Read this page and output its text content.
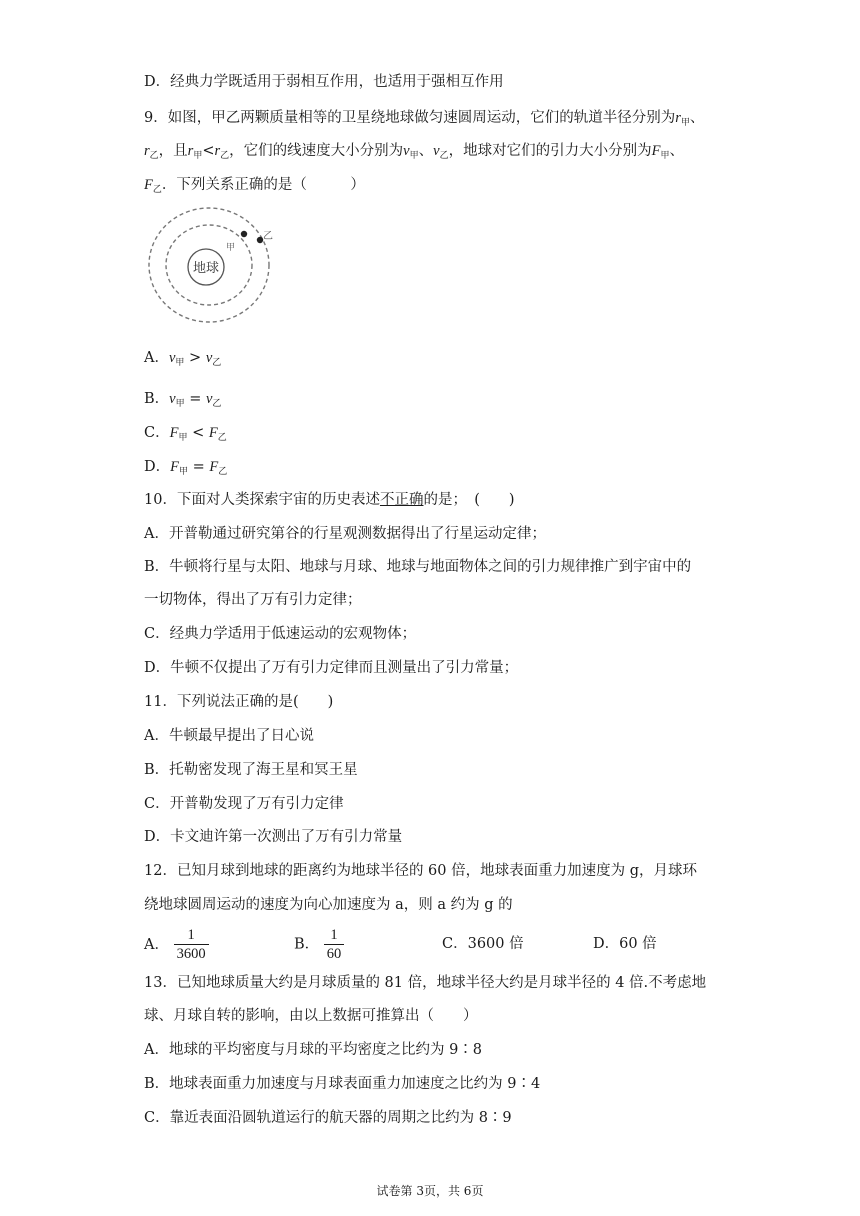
D．经典力学既适用于弱相互作用，也适用于强相互作用
9．如图，甲乙两颗质量相等的卫星绕地球做匀速圆周运动，它们的轨道半径分别为$r_甲$、
$r_乙$，且$r_甲<r_乙$，它们的线速度大小分别为$v_甲$、$v_乙$，地球对它们的引力大小分别为$F_甲$、
$F_乙$．下列关系正确的是（　　　）
地球
甲
乙
A．$v_甲 > v_乙$
B．$v_甲 = v_乙$
C．$F_甲 < F_乙$
D．$F_甲 = F_乙$
10．下面对人类探索宇宙的历史表述不正确的是；　(　　)
A．开普勒通过研究第谷的行星观测数据得出了行星运动定律；
B．牛顿将行星与太阳、地球与月球、地球与地面物体之间的引力规律推广到宇宙中的
一切物体，得出了万有引力定律；
C．经典力学适用于低速运动的宏观物体；
D．牛顿不仅提出了万有引力定律而且测量出了引力常量；
11．下列说法正确的是(　　)
A．牛顿最早提出了日心说
B．托勒密发现了海王星和冥王星
C．开普勒发现了万有引力定律
D．卡文迪许第一次测出了万有引力常量
12．已知月球到地球的距离约为地球半径的 60 倍，地球表面重力加速度为 g，月球环
绕地球圆周运动的速度为向心加速度为 a，则 a 约为 g 的
A． $\frac{1}{3600}$	B． $\frac{1}{60}$	C．3600 倍	D．60 倍
13．已知地球质量大约是月球质量的 81 倍，地球半径大约是月球半径的 4 倍.不考虑地
球、月球自转的影响，由以上数据可推算出（　　）
A．地球的平均密度与月球的平均密度之比约为 9∶8
B．地球表面重力加速度与月球表面重力加速度之比约为 9∶4
C．靠近表面沿圆轨道运行的航天器的周期之比约为 8∶9
试卷第 3页，共 6页
